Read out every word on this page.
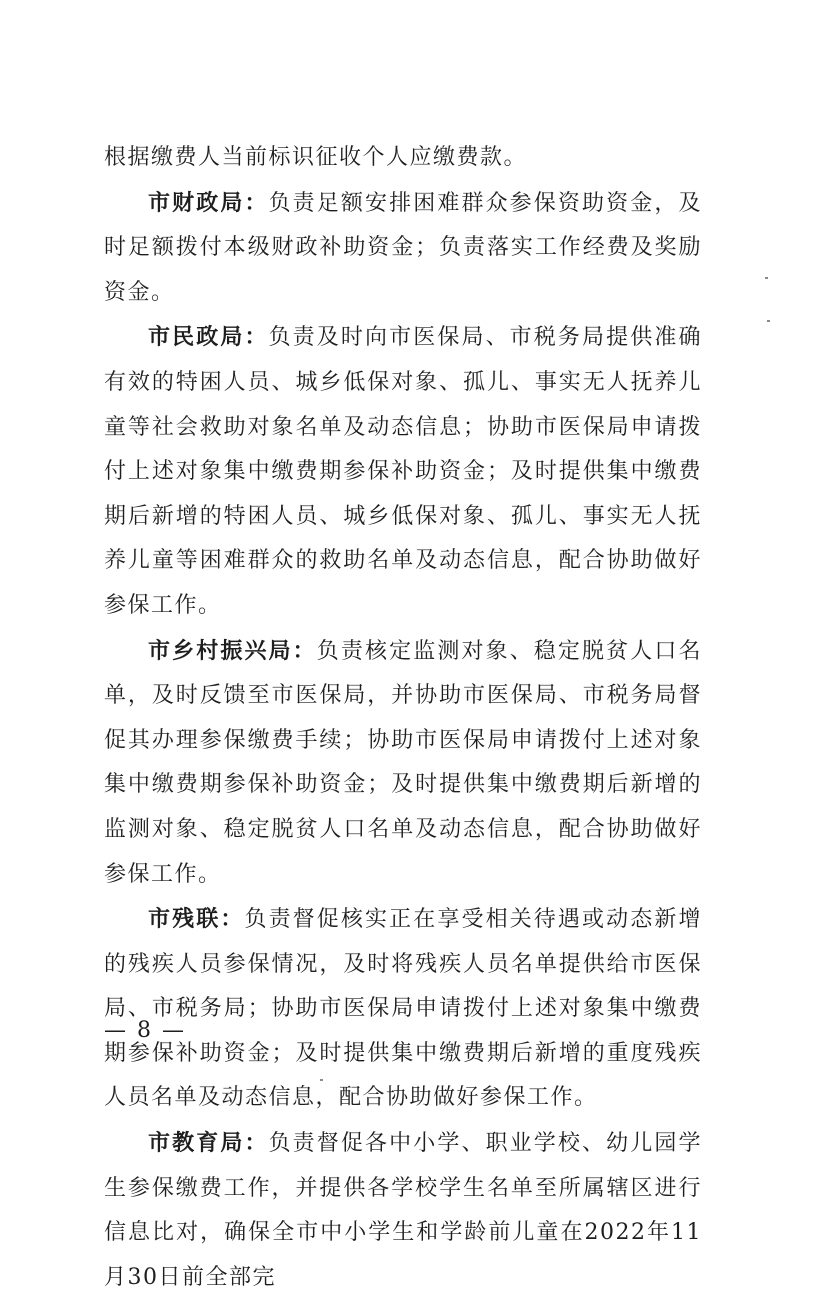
根据缴费人当前标识征收个人应缴费款。

市财政局：负责足额安排困难群众参保资助资金，及时足额拨付本级财政补助资金；负责落实工作经费及奖励资金。

市民政局：负责及时向市医保局、市税务局提供准确有效的特困人员、城乡低保对象、孤儿、事实无人抚养儿童等社会救助对象名单及动态信息；协助市医保局申请拨付上述对象集中缴费期参保补助资金；及时提供集中缴费期后新增的特困人员、城乡低保对象、孤儿、事实无人抚养儿童等困难群众的救助名单及动态信息，配合协助做好参保工作。

市乡村振兴局：负责核定监测对象、稳定脱贫人口名单，及时反馈至市医保局，并协助市医保局、市税务局督促其办理参保缴费手续；协助市医保局申请拨付上述对象集中缴费期参保补助资金；及时提供集中缴费期后新增的监测对象、稳定脱贫人口名单及动态信息，配合协助做好参保工作。

市残联：负责督促核实正在享受相关待遇或动态新增的残疾人员参保情况，及时将残疾人员名单提供给市医保局、市税务局；协助市医保局申请拨付上述对象集中缴费期参保补助资金；及时提供集中缴费期后新增的重度残疾人员名单及动态信息，配合协助做好参保工作。

市教育局：负责督促各中小学、职业学校、幼儿园学生参保缴费工作，并提供各学校学生名单至所属辖区进行信息比对，确保全市中小学生和学龄前儿童在2022年11月30日前全部完

— 8 —
